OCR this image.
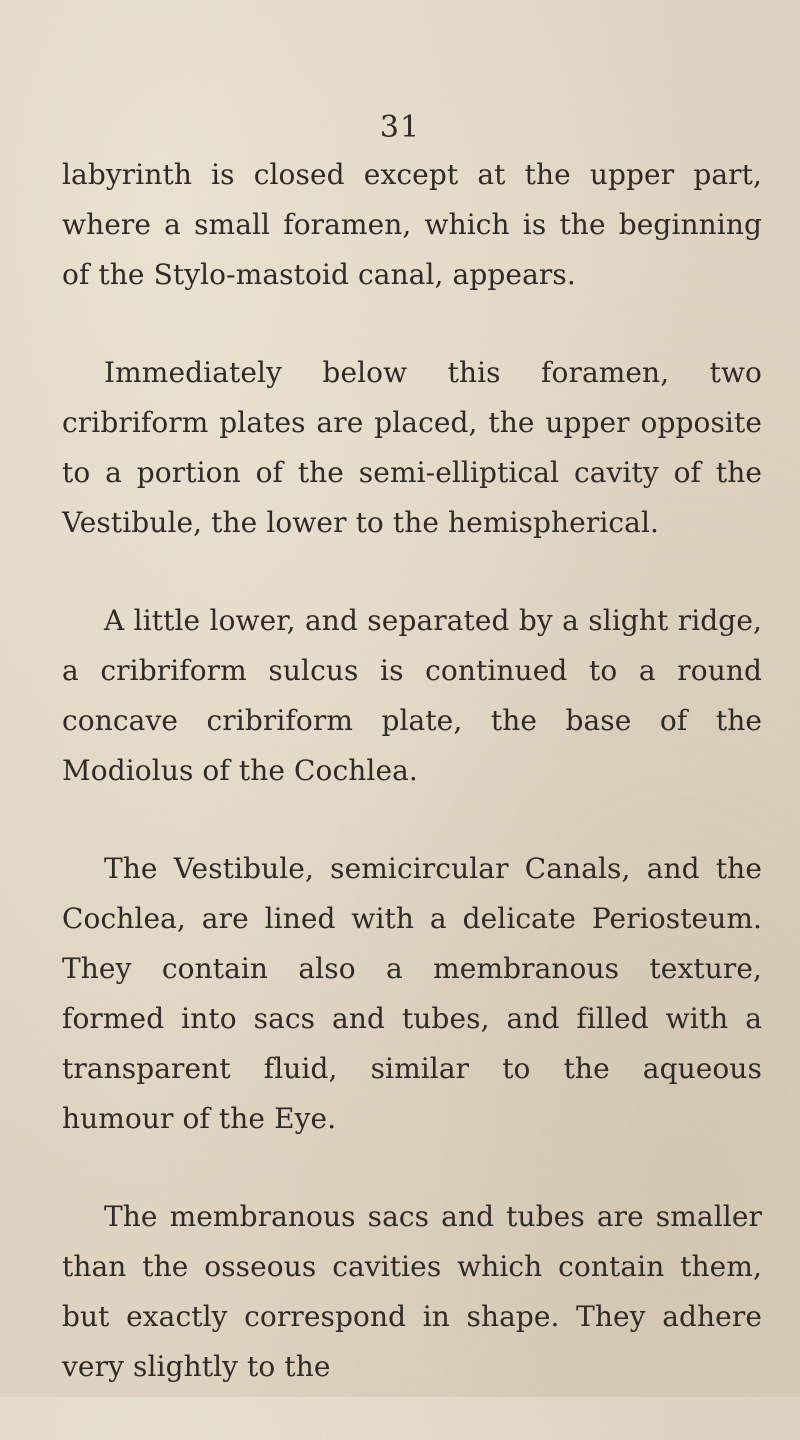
31

labyrinth is closed except at the upper part, where a small foramen, which is the beginning of the Stylo-mastoid canal, appears.

Immediately below this foramen, two cribriform plates are placed, the upper opposite to a portion of the semi-elliptical cavity of the Vestibule, the lower to the hemispherical.

A little lower, and separated by a slight ridge, a cribriform sulcus is continued to a round concave cribriform plate, the base of the Modiolus of the Cochlea.

The Vestibule, semicircular Canals, and the Cochlea, are lined with a delicate Periosteum. They contain also a membranous texture, formed into sacs and tubes, and filled with a transparent fluid, similar to the aqueous humour of the Eye.

The membranous sacs and tubes are smaller than the osseous cavities which contain them, but exactly correspond in shape. They adhere very slightly to the
